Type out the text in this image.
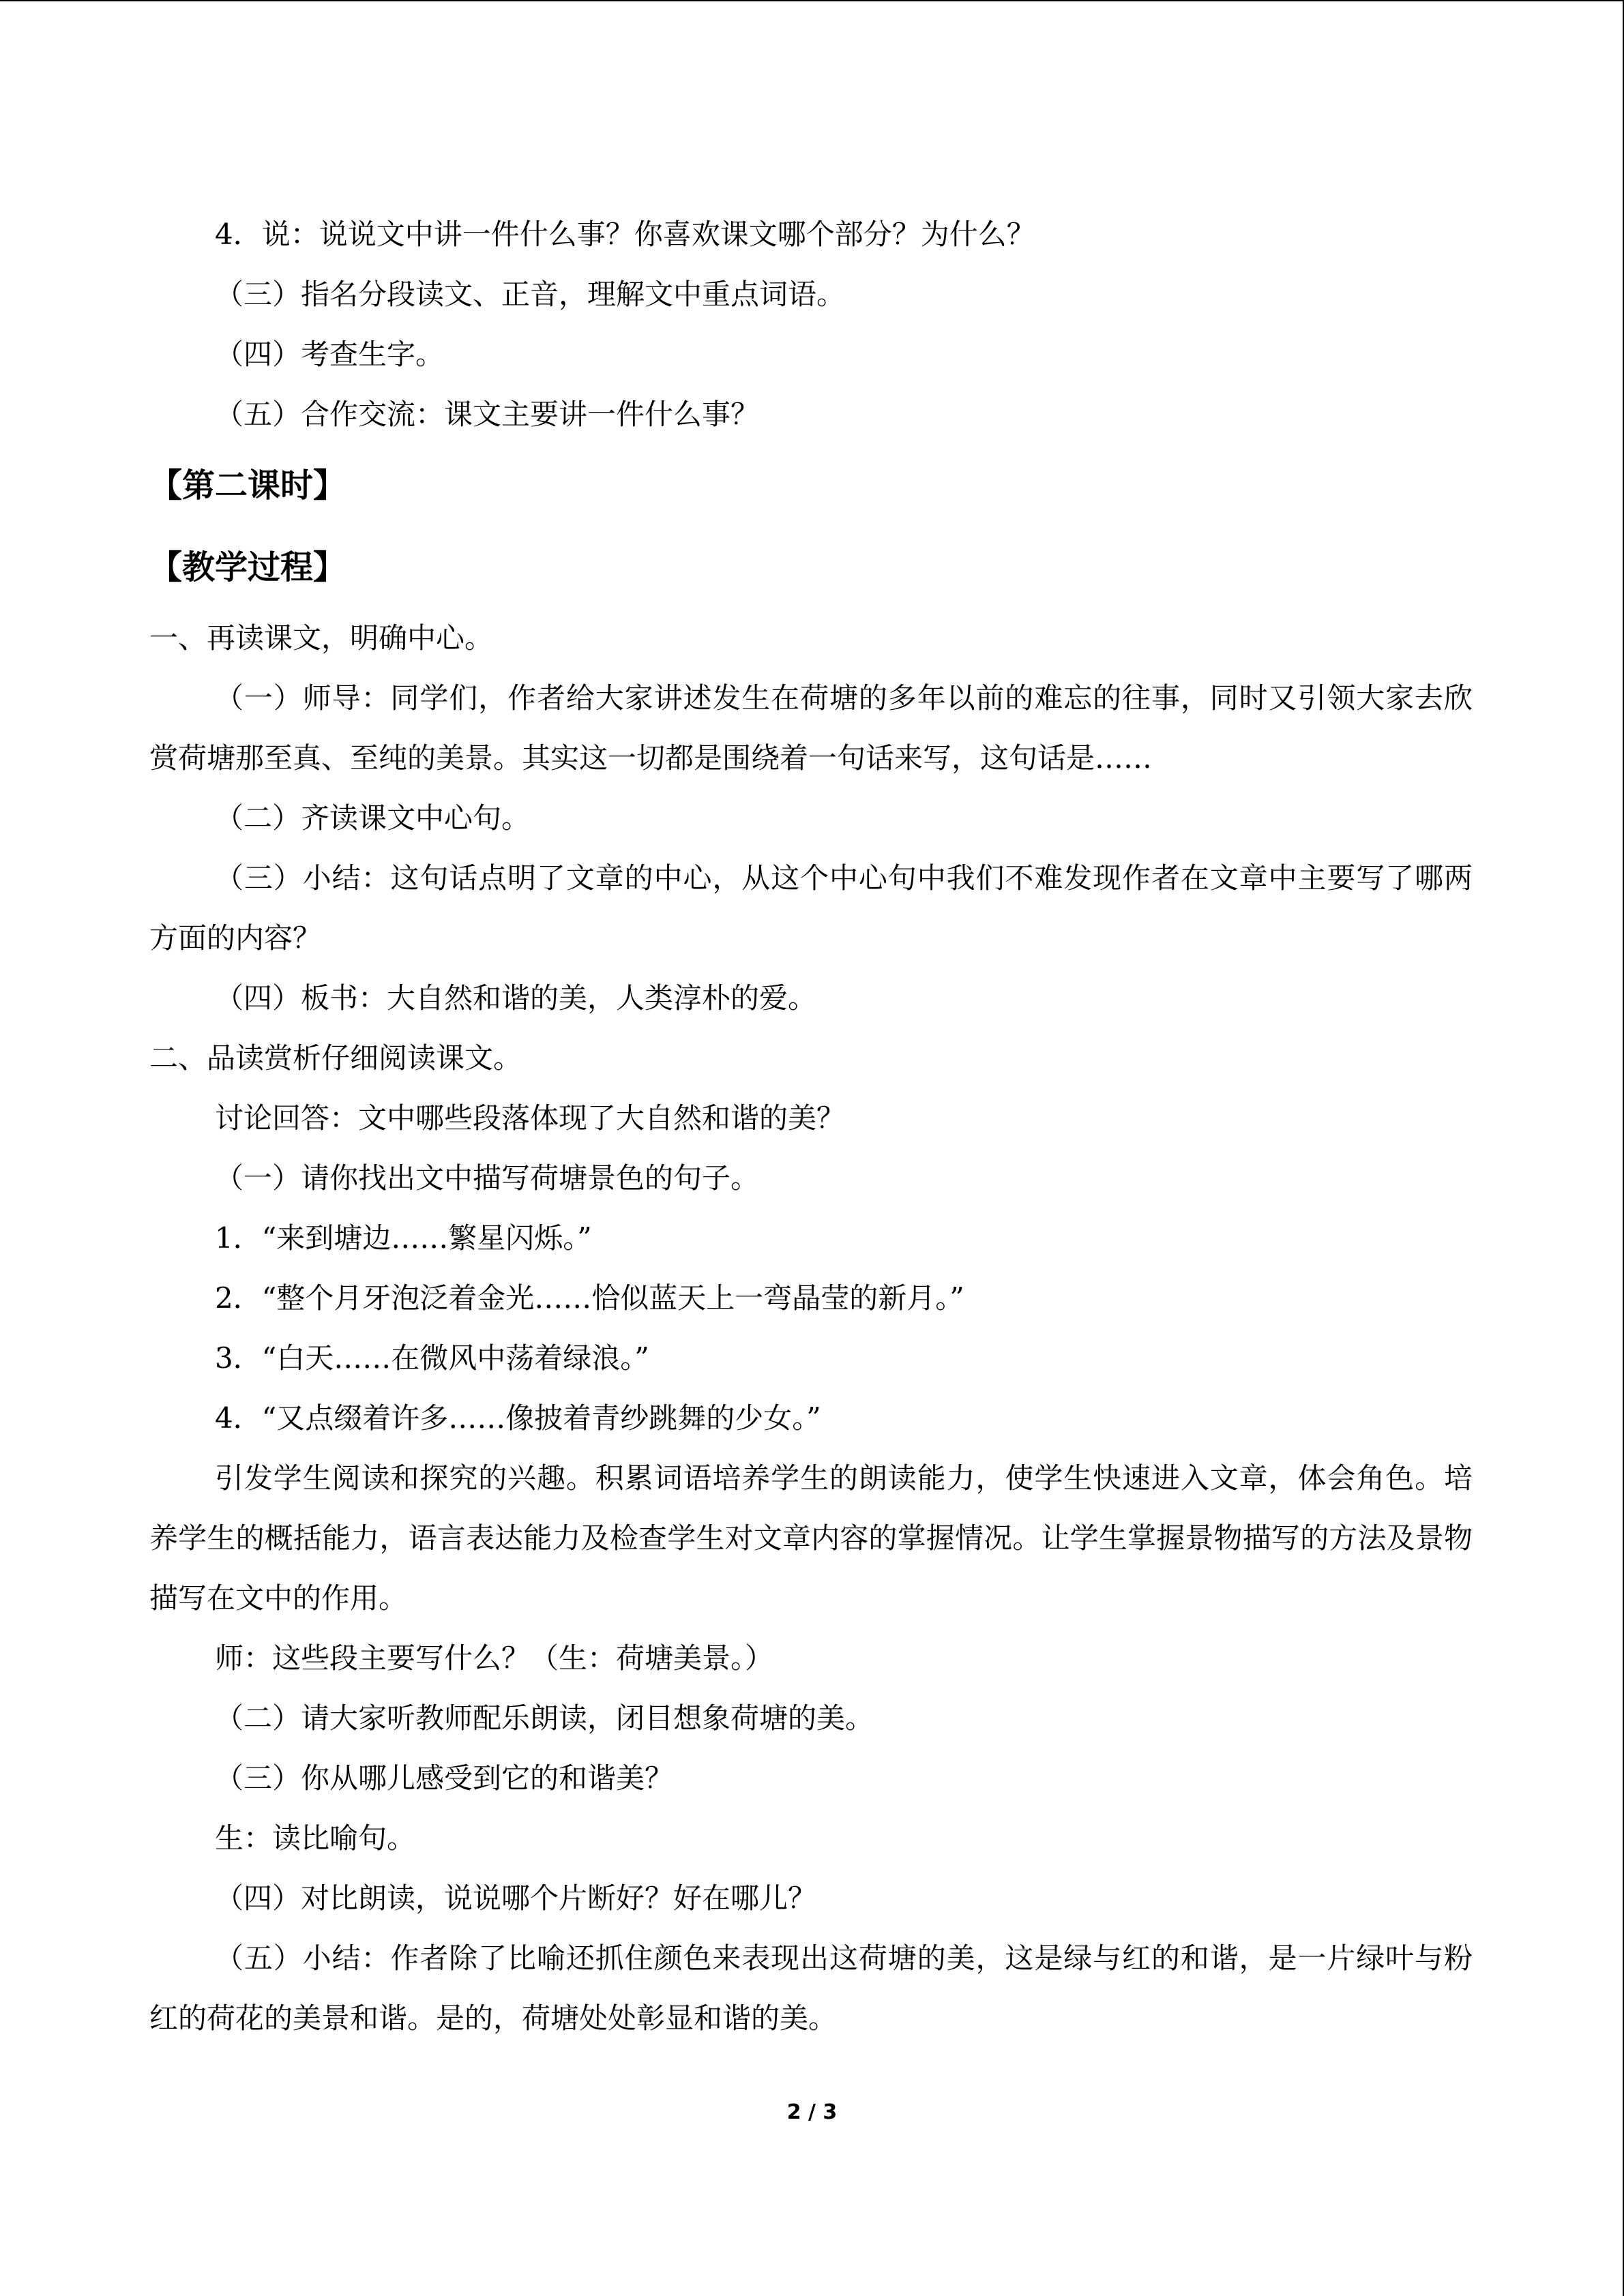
4．说：说说文中讲一件什么事？你喜欢课文哪个部分？为什么？

（三）指名分段读文、正音，理解文中重点词语。

（四）考查生字。

（五）合作交流：课文主要讲一件什么事？

【第二课时】

【教学过程】

一、再读课文，明确中心。

（一）师导：同学们，作者给大家讲述发生在荷塘的多年以前的难忘的往事，同时又引领大家去欣赏荷塘那至真、至纯的美景。其实这一切都是围绕着一句话来写，这句话是……

（二）齐读课文中心句。

（三）小结：这句话点明了文章的中心，从这个中心句中我们不难发现作者在文章中主要写了哪两方面的内容？

（四）板书：大自然和谐的美，人类淳朴的爱。

二、品读赏析仔细阅读课文。

讨论回答：文中哪些段落体现了大自然和谐的美？

（一）请你找出文中描写荷塘景色的句子。

1．“来到塘边……繁星闪烁。”

2．“整个月牙泡泛着金光……恰似蓝天上一弯晶莹的新月。”

3．“白天……在微风中荡着绿浪。”

4．“又点缀着许多……像披着青纱跳舞的少女。”

引发学生阅读和探究的兴趣。积累词语培养学生的朗读能力，使学生快速进入文章，体会角色。培养学生的概括能力，语言表达能力及检查学生对文章内容的掌握情况。让学生掌握景物描写的方法及景物描写在文中的作用。

师：这些段主要写什么？（生：荷塘美景。）

（二）请大家听教师配乐朗读，闭目想象荷塘的美。

（三）你从哪儿感受到它的和谐美？

生：读比喻句。

（四）对比朗读，说说哪个片断好？好在哪儿？

（五）小结：作者除了比喻还抓住颜色来表现出这荷塘的美，这是绿与红的和谐，是一片绿叶与粉红的荷花的美景和谐。是的，荷塘处处彰显和谐的美。

2 / 3
